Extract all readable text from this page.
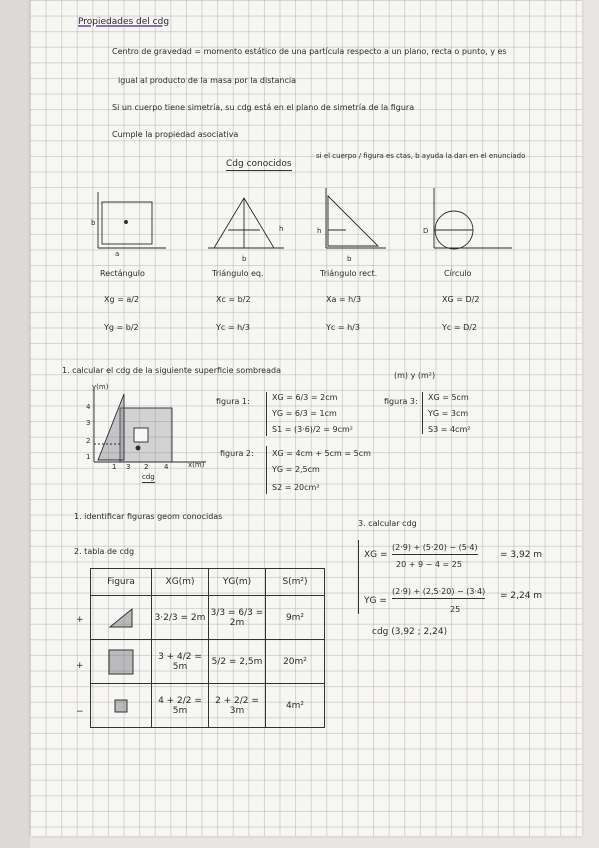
Propiedades del cdg
Centro de gravedad = momento estático de una partícula respecto a un plano, recta o punto, y es
igual al producto de la masa por la distancia
Si un cuerpo tiene simetría, su cdg está en el plano de simetría de la figura
Cumple la propiedad asociativa
Cdg conocidos
si el cuerpo / figura es ctas, b ayuda la dan en el enunciado
b
a
h
b
h
b
D
Rectángulo	Triángulo eq.	Triángulo rect.	Círculo
Xg = a/2	Xc = b/2	Xa = h/3	XG = D/2
Yg = b/2	Yc = h/3	Yc = h/3	Yc = D/2
1. calcular el cdg de la siguiente superficie sombreada
(m) y (m²)
y(m)
x(m)
4
3
2
1
1 3 2 4
cdg
figura 1:	XG = 6/3 = 2cm
YG = 6/3 = 1cm
S1 = (3·6)/2 = 9cm²
figura 2: XG = 4cm + 5cm = 5cm
YG = 2,5cm
S2 = 20cm²
figura 3: XG = 5cm
YG = 3cm
S3 = 4cm²
1. identificar figuras geom conocidas
2. tabla de cdg
3. calcular cdg
Figura	XG(m)	YG(m)	S(m²)

	3·2/3 = 2m	3/3 = 6/3 = 2m	9m²

	3 + 4/2 = 5m	5/2 = 2,5m	20m²

	4 + 2/2 = 5m	2 + 2/2 = 3m	4m²
+
+
−
XG =
(2·9) + (5·20) − (5·4)
20 + 9 − 4 = 25
= 3,92 m
YG =
(2·9) + (2,5·20) − (3·4)
25
= 2,24 m
cdg (3,92 ; 2,24)
